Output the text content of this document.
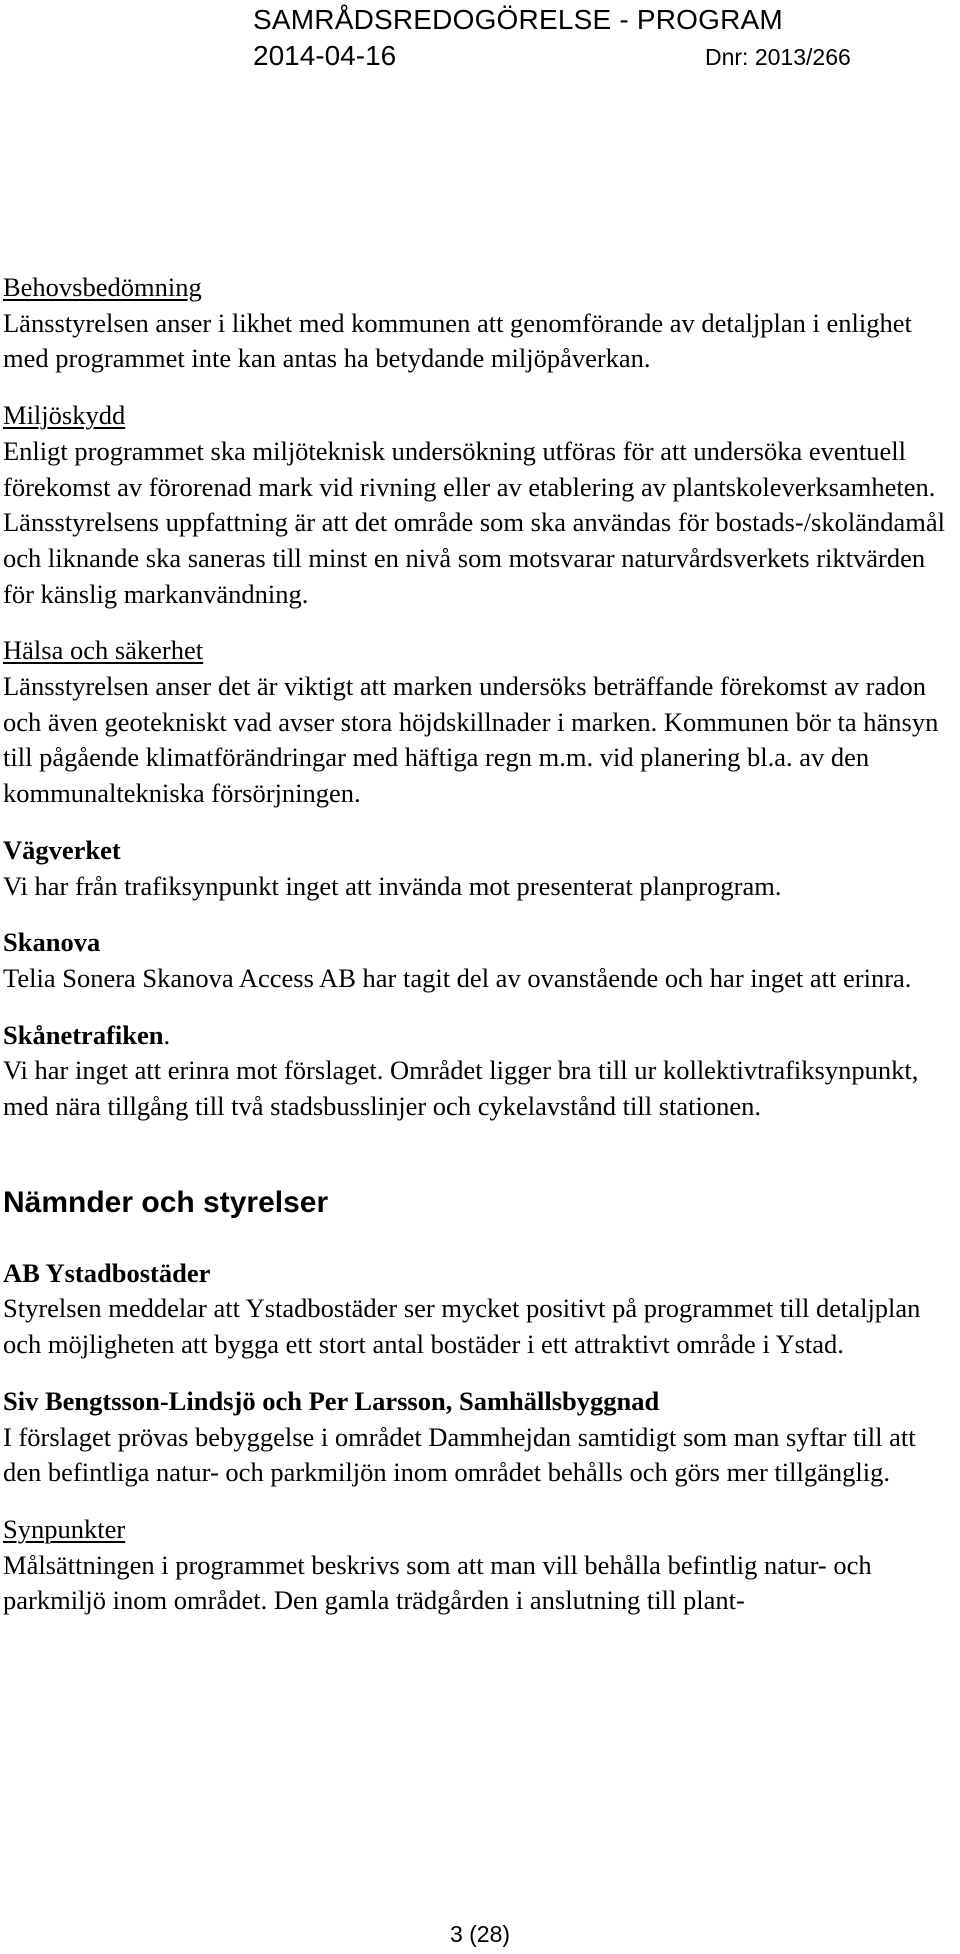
SAMRÅDSREDOGÖRELSE - PROGRAM
2014-04-16	Dnr: 2013/266

Behovsbedömning
Länsstyrelsen anser i likhet med kommunen att genomförande av detaljplan i enlighet med programmet inte kan antas ha betydande miljöpåverkan.

Miljöskydd
Enligt programmet ska miljöteknisk undersökning utföras för att undersöka eventuell förekomst av förorenad mark vid rivning eller av etablering av plantskoleverksamheten. Länsstyrelsens uppfattning är att det område som ska användas för bostads-/skoländamål och liknande ska saneras till minst en nivå som motsvarar naturvårdsverkets riktvärden för känslig markanvändning.

Hälsa och säkerhet
Länsstyrelsen anser det är viktigt att marken undersöks beträffande förekomst av radon och även geotekniskt vad avser stora höjdskillnader i marken. Kommunen bör ta hänsyn till pågående klimatförändringar med häftiga regn m.m. vid planering bl.a. av den kommunaltekniska försörjningen.

Vägverket
Vi har från trafiksynpunkt inget att invända mot presenterat planprogram.

Skanova
Telia Sonera Skanova Access AB har tagit del av ovanstående och har inget att erinra.

Skånetrafiken.
Vi har inget att erinra mot förslaget. Området ligger bra till ur kollektivtrafiksynpunkt, med nära tillgång till två stadsbusslinjer och cykelavstånd till stationen.

Nämnder och styrelser

AB Ystadbostäder
Styrelsen meddelar att Ystadbostäder ser mycket positivt på programmet till detaljplan och möjligheten att bygga ett stort antal bostäder i ett attraktivt område i Ystad.

Siv Bengtsson-Lindsjö och Per Larsson, Samhällsbyggnad
I förslaget prövas bebyggelse i området Dammhejdan samtidigt som man syftar till att den befintliga natur- och parkmiljön inom området behålls och görs mer tillgänglig.

Synpunkter
Målsättningen i programmet beskrivs som att man vill behålla befintlig natur- och parkmiljö inom området. Den gamla trädgården i anslutning till plant-

3 (28)
